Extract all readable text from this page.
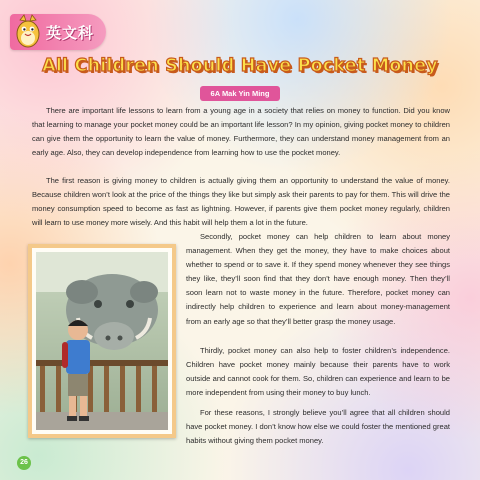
英文科
All Children Should Have Pocket Money
6A Mak Yin Ming

There are important life lessons to learn from a young age in a society that relies on money to function. Did you know that learning to manage your pocket money could be an important life lesson? In my opinion, giving pocket money to children can give them the opportunity to learn the value of money. Furthermore, they can understand money management from an early age. Also, they can develop independence from learning how to use the pocket money.

The first reason is giving money to children is actually giving them an opportunity to understand the value of money. Because children won’t look at the price of the things they like but simply ask their parents to pay for them. This will drive the money consumption speed to become as fast as lightning. However, if parents give them pocket money regularly, children will learn to use money more wisely. And this habit will help them a lot in the future.

Secondly, pocket money can help children to learn about money management. When they get the money, they have to make choices about whether to spend or to save it. If they spend money whenever they see things they like, they’ll soon find that they don’t have enough money. Then they’ll soon learn not to waste money in the future. Therefore, pocket money can indirectly help children to experience and learn about money-management from an early age so that they’ll better grasp the money usage.

Thirdly, pocket money can also help to foster children’s independence. Children have pocket money mainly because their parents have to work outside and cannot cook for them. So, children can experience and learn to be more independent from using their money to buy lunch.

For these reasons, I strongly believe you’ll agree that all children should have pocket money. I don’t know how else we could foster the mentioned great habits without giving them pocket money.

26
